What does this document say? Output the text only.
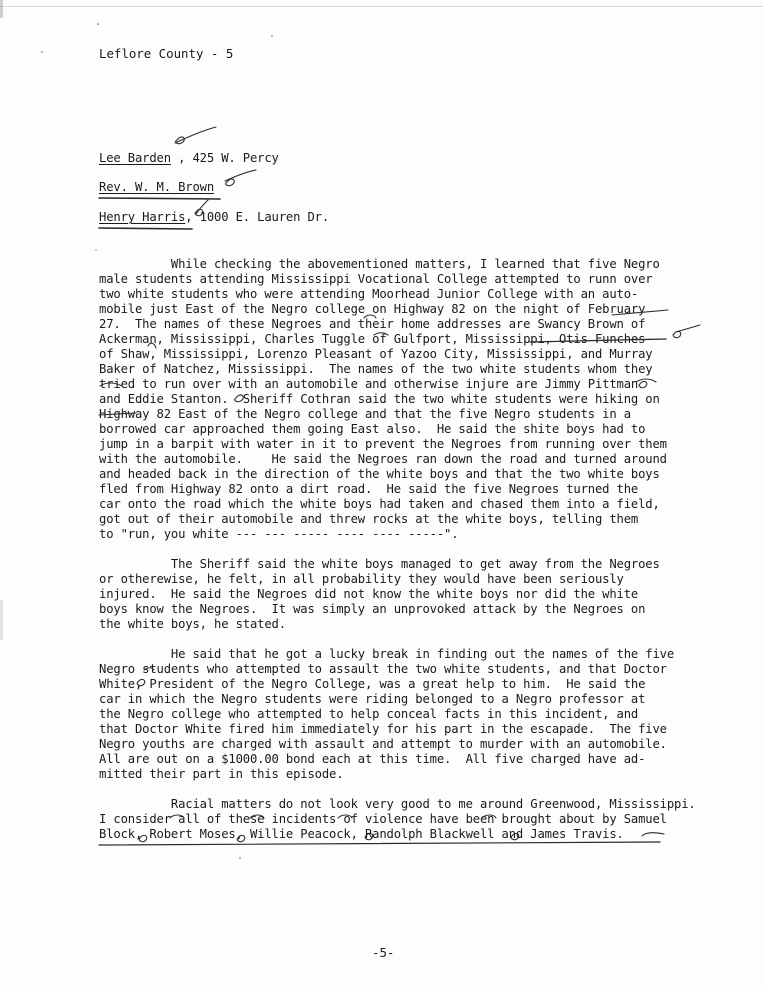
Leflore County - 5
Lee Barden , 425 W. Percy
Rev. W. M. Brown
Henry Harris, 1000 E. Lauren Dr.
While checking the abovementioned matters, I learned that five Negro
male students attending Mississippi Vocational College attempted to runn over
two white students who were attending Moorhead Junior College with an auto-
mobile just East of the Negro college on Highway 82 on the night of February
27.  The names of these Negroes and their home addresses are Swancy Brown of
Ackerman, Mississippi, Charles Tuggle of Gulfport, Mississippi, Otis Funches
of Shaw, Mississippi, Lorenzo Pleasant of Yazoo City, Mississippi, and Murray
Baker of Natchez, Mississippi.  The names of the two white students whom they
tried to run over with an automobile and otherwise injure are Jimmy Pittman
and Eddie Stanton.  Sheriff Cothran said the two white students were hiking on
Highway 82 East of the Negro college and that the five Negro students in a
borrowed car approached them going East also.  He said the shite boys had to
jump in a barpit with water in it to prevent the Negroes from running over them
with the automobile.    He said the Negroes ran down the road and turned around
and headed back in the direction of the white boys and that the two white boys
fled from Highway 82 onto a dirt road.  He said the five Negroes turned the
car onto the road which the white boys had taken and chased them into a field,
got out of their automobile and threw rocks at the white boys, telling them
to "run, you white --- --- ----- ---- ---- -----".
The Sheriff said the white boys managed to get away from the Negroes
or otherewise, he felt, in all probability they would have been seriously
injured.  He said the Negroes did not know the white boys nor did the white
boys know the Negroes.  It was simply an unprovoked attack by the Negroes on
the white boys, he stated.
He said that he got a lucky break in finding out the names of the five
Negro students who attempted to assault the two white students, and that Doctor
White, President of the Negro College, was a great help to him.  He said the
car in which the Negro students were riding belonged to a Negro professor at
the Negro college who attempted to help conceal facts in this incident, and
that Doctor White fired him immediately for his part in the escapade.  The five
Negro youths are charged with assault and attempt to murder with an automobile.
All are out on a $1000.00 bond each at this time.  All five charged have ad-
mitted their part in this episode.
Racial matters do not look very good to me around Greenwood, Mississippi.
I consider all of these incidents of violence have been brought about by Samuel
Block, Robert Moses, Willie Peacock, Randolph Blackwell and James Travis.
-5-
